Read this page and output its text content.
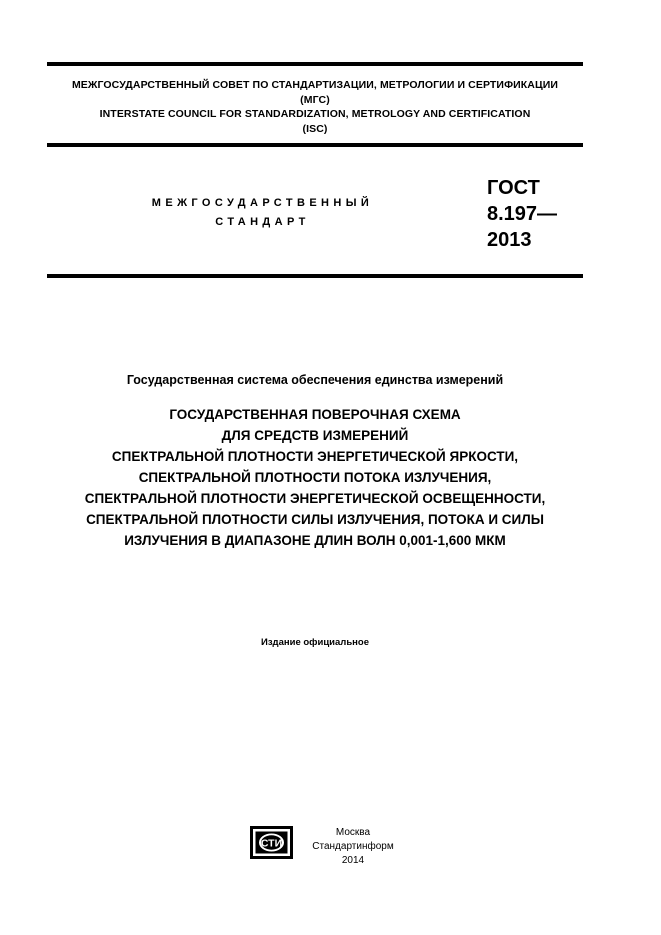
МЕЖГОСУДАРСТВЕННЫЙ СОВЕТ ПО СТАНДАРТИЗАЦИИ, МЕТРОЛОГИИ И СЕРТИФИКАЦИИ
(МГС)
INTERSTATE COUNCIL FOR STANDARDIZATION, METROLOGY AND CERTIFICATION
(ISC)
МЕЖГОСУДАРСТВЕННЫЙ
СТАНДАРТ
ГОСТ
8.197—
2013
Государственная система обеспечения единства измерений
ГОСУДАРСТВЕННАЯ ПОВЕРОЧНАЯ СХЕМА
ДЛЯ СРЕДСТВ ИЗМЕРЕНИЙ
СПЕКТРАЛЬНОЙ ПЛОТНОСТИ ЭНЕРГЕТИЧЕСКОЙ ЯРКОСТИ,
СПЕКТРАЛЬНОЙ ПЛОТНОСТИ ПОТОКА ИЗЛУЧЕНИЯ,
СПЕКТРАЛЬНОЙ ПЛОТНОСТИ ЭНЕРГЕТИЧЕСКОЙ ОСВЕЩЕННОСТИ,
СПЕКТРАЛЬНОЙ ПЛОТНОСТИ СИЛЫ ИЗЛУЧЕНИЯ, ПОТОКА И СИЛЫ
ИЗЛУЧЕНИЯ В ДИАПАЗОНЕ ДЛИН ВОЛН 0,001-1,600 МКМ
Издание официальное
СТИ
Москва
Стандартинформ
2014
